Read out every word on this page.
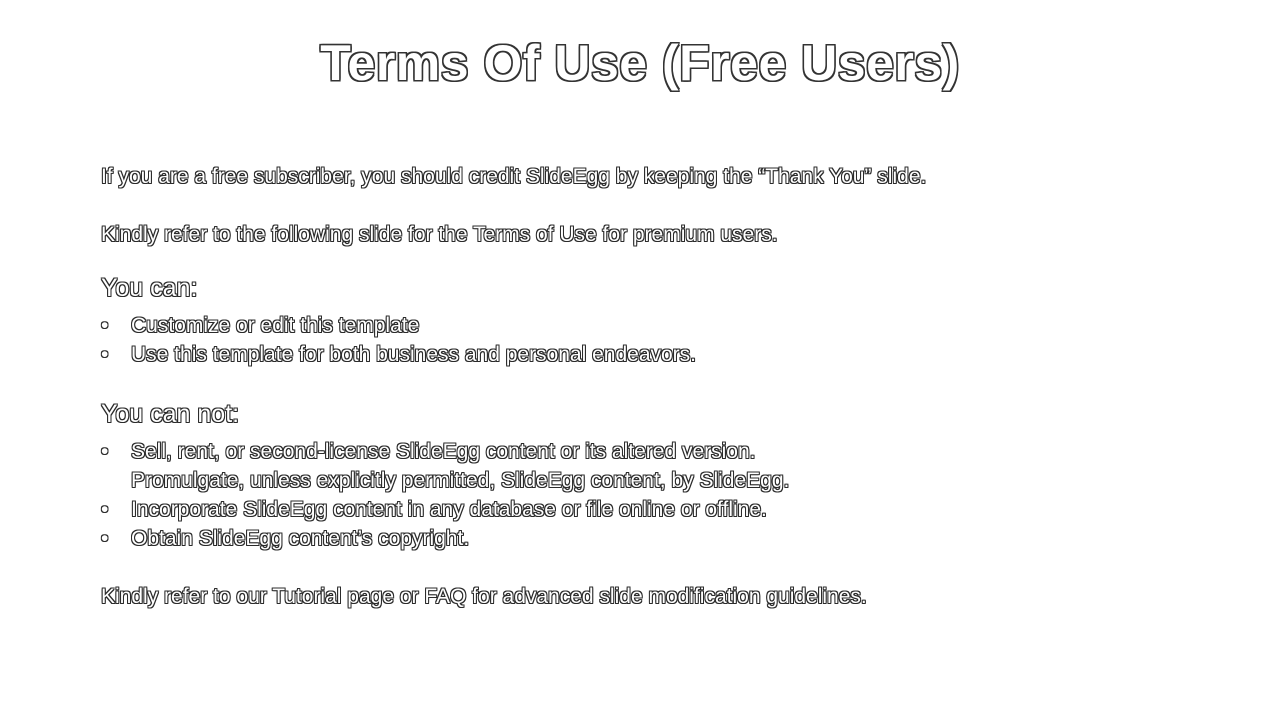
Terms Of Use (Free Users)

If you are a free subscriber, you should credit SlideEgg by keeping the “Thank You” slide.

Kindly refer to the following slide for the Terms of Use for premium users.

You can:
•	Customize or edit this template
•	Use this template for both business and personal endeavors.
You can not:
•	Sell, rent, or second-license SlideEgg content or its altered version.
Promulgate, unless explicitly permitted, SlideEgg content, by SlideEgg.
•	Incorporate SlideEgg content in any database or file online or offline.
•	Obtain SlideEgg content’s copyright.

Kindly refer to our Tutorial page or FAQ for advanced slide modification guidelines.
